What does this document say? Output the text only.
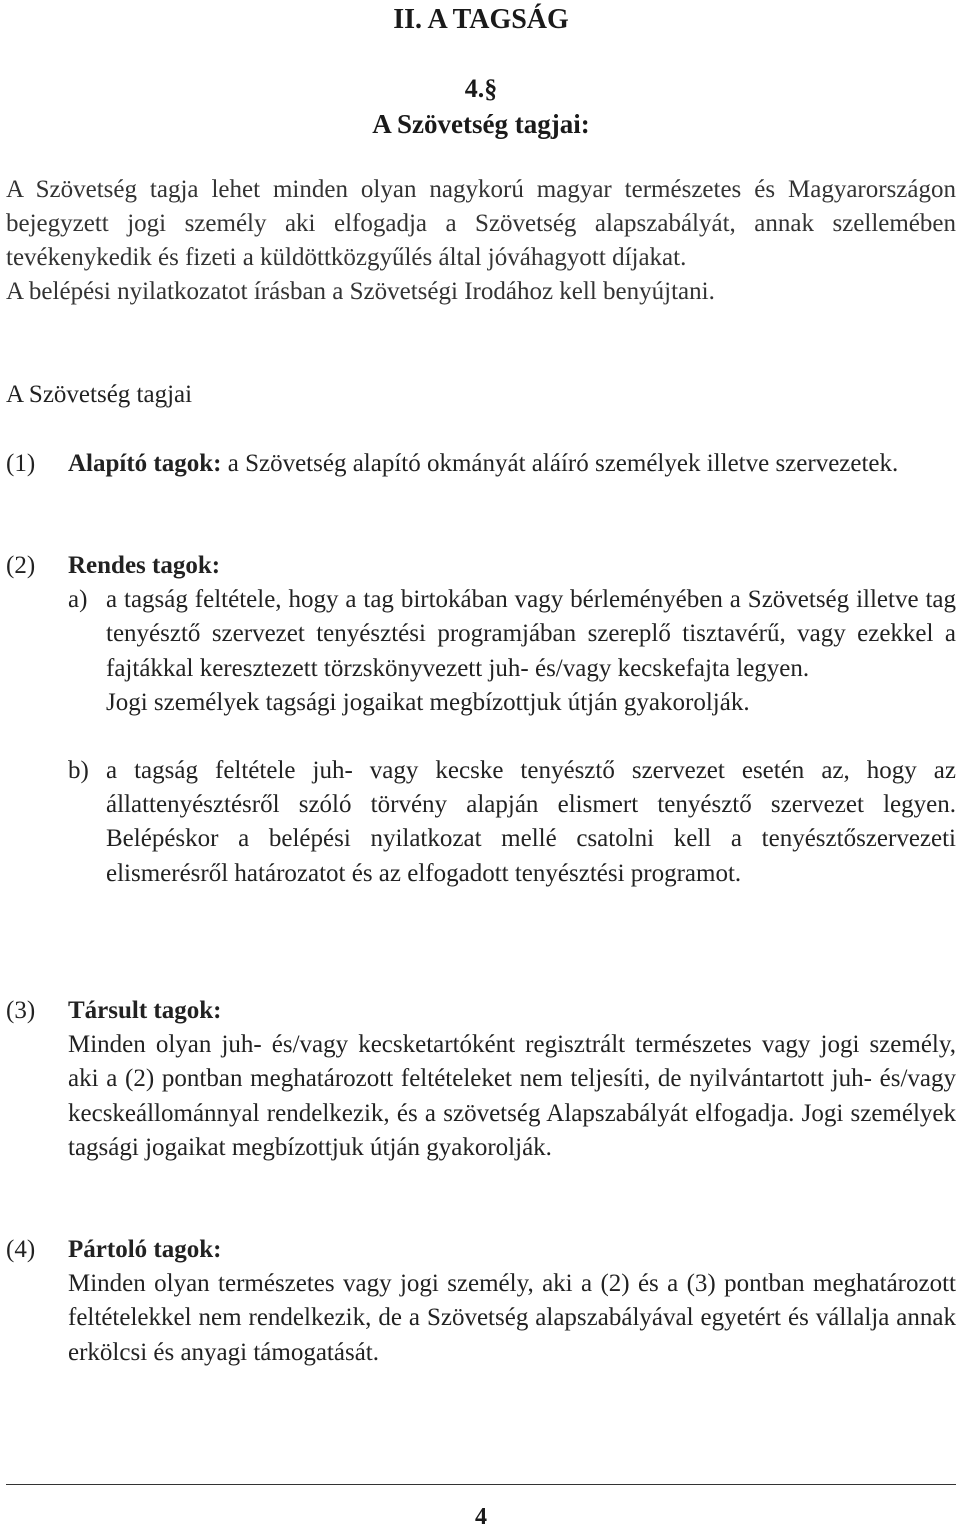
II. A TAGSÁG
4.§
A Szövetség tagjai:

A Szövetség tagja lehet minden olyan nagykorú magyar természetes és Magyarországon bejegyzett jogi személy aki elfogadja a Szövetség alapszabályát, annak szellemében tevékenykedik és fizeti a küldöttközgyűlés által jóváhagyott díjakat.

A belépési nyilatkozatot írásban a Szövetségi Irodához kell benyújtani.

A Szövetség tagjai
(1)	Alapító tagok: a Szövetség alapító okmányát aláíró személyek illetve szervezetek.

(2)	Rendes tagok:

a) a tagság feltétele, hogy a tag birtokában vagy bérleményében a Szövetség illetve tag tenyésztő szervezet tenyésztési programjában szereplő tisztavérű, vagy ezekkel a fajtákkal keresztezett törzskönyvezett juh- és/vagy kecskefajta legyen.

Jogi személyek tagsági jogaikat megbízottjuk útján gyakorolják.

b) a tagság feltétele juh- vagy kecske tenyésztő szervezet esetén az, hogy az állattenyésztésről szóló törvény alapján elismert tenyésztő szervezet legyen. Belépéskor a belépési nyilatkozat mellé csatolni kell a tenyésztőszervezeti elismerésről határozatot és az elfogadott tenyésztési programot.

(3)	Társult tagok:

Minden olyan juh- és/vagy kecsketartóként regisztrált természetes vagy jogi személy, aki a (2) pontban meghatározott feltételeket nem teljesíti, de nyilvántartott juh- és/vagy kecskeállománnyal rendelkezik, és a szövetség Alapszabályát elfogadja. Jogi személyek tagsági jogaikat megbízottjuk útján gyakorolják.

(4)	Pártoló tagok:

Minden olyan természetes vagy jogi személy, aki a (2) és a (3) pontban meghatározott feltételekkel nem rendelkezik, de a Szövetség alapszabályával egyetért és vállalja annak erkölcsi és anyagi támogatását.

4
